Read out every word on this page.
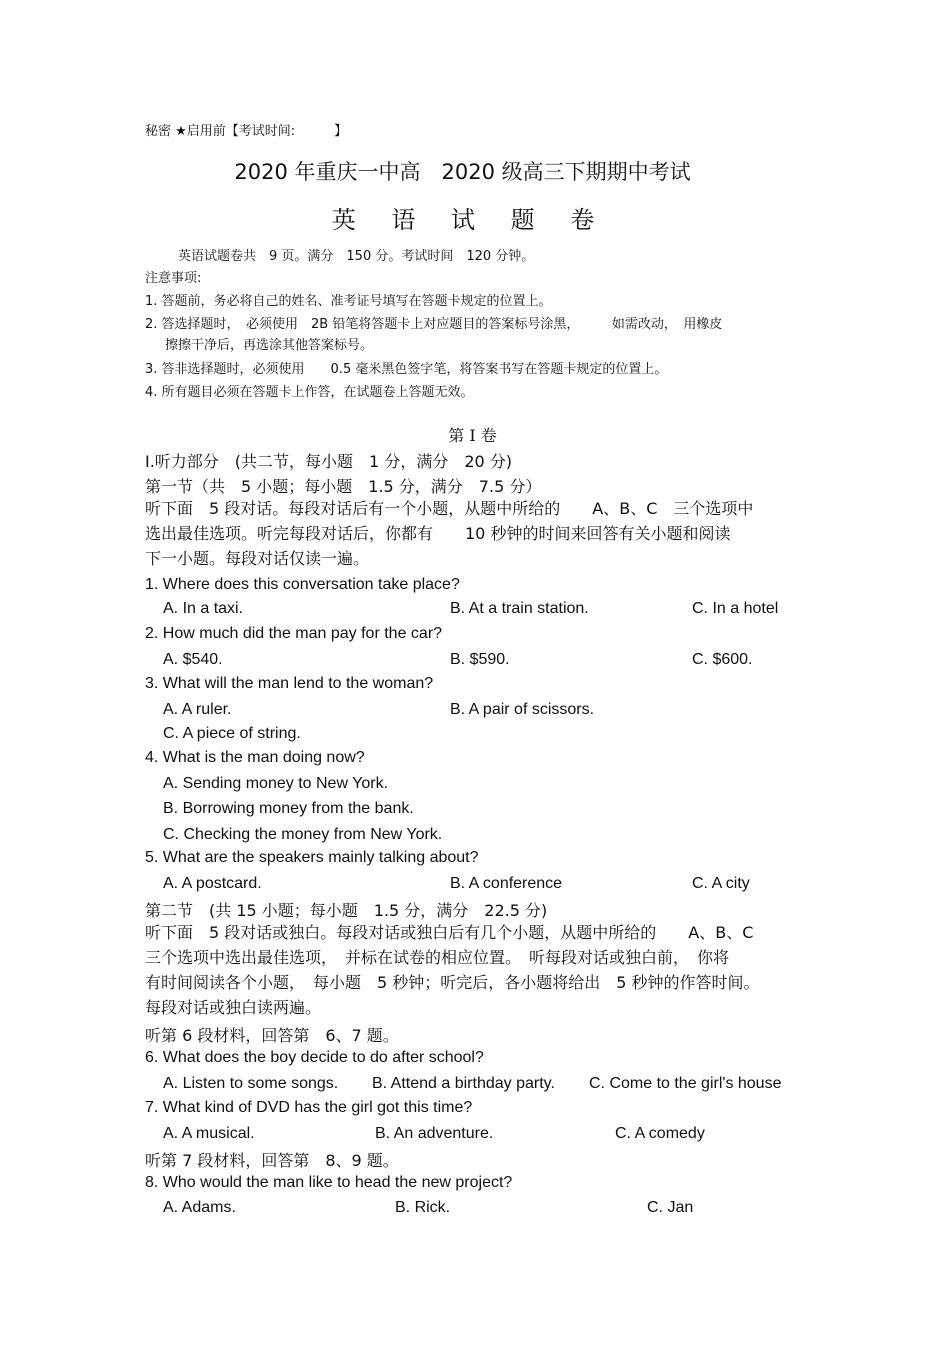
秘密 ★启用前【考试时间:　　　】
2020 年重庆一中高　2020 级高三下期期中考试
英 语 试 题 卷
英语试题卷共　9 页。满分　150 分。考试时间　120 分钟。
注意事项:
1. 答题前，务必将自己的姓名、准考证号填写在答题卡规定的位置上。
2. 答选择题时，　必须使用　2B 铅笔将答题卡上对应题目的答案标号涂黑，　　　如需改动，　用橡皮
擦擦干净后，再选涂其他答案标号。
3. 答非选择题时，必须使用　　0.5 毫米黑色签字笔，将答案书写在答题卡规定的位置上。
4. 所有题目必须在答题卡上作答，在试题卷上答题无效。
第 I 卷
Ⅰ.听力部分　(共二节，每小题　1 分，满分　20 分)
第一节（共　5 小题；每小题　1.5 分，满分　7.5 分）
听下面　5 段对话。每段对话后有一个小题，从题中所给的　　A、B、C　三个选项中
选出最佳选项。听完每段对话后，你都有　　10 秒钟的时间来回答有关小题和阅读
下一小题。每段对话仅读一遍。
1. Where does this conversation take place?
A. In a taxi.	B. At a train station.	C. In a hotel
2. How much did the man pay for the car?
A. $540.	B. $590.	C. $600.
3. What will the man lend to the woman?
A. A ruler.	B. A pair of scissors.
C. A piece of string.
4. What is the man doing now?
A. Sending money to New York.
B. Borrowing money from the bank.
C. Checking the money from New York.
5. What are the speakers mainly talking about?
A. A postcard.	B. A conference	C. A city
第二节　(共 15 小题；每小题　1.5 分，满分　22.5 分)
听下面　5 段对话或独白。每段对话或独白后有几个小题，从题中所给的　　A、B、C
三个选项中选出最佳选项，　并标在试卷的相应位置。　听每段对话或独白前，　你将
有时间阅读各个小题，　每小题　5 秒钟；听完后，各小题将给出　5 秒钟的作答时间。
每段对话或独白读两遍。
听第 6 段材料，回答第　6、7 题。
6. What does the boy decide to do after school?
A. Listen to some songs. B. Attend a birthday party. C. Come to the girl's house
7. What kind of DVD has the girl got this time?
A. A musical.	B. An adventure.	C. A comedy
听第 7 段材料，回答第　8、9 题。
8. Who would the man like to head the new project?
A. Adams.	B. Rick.	C. Jan
